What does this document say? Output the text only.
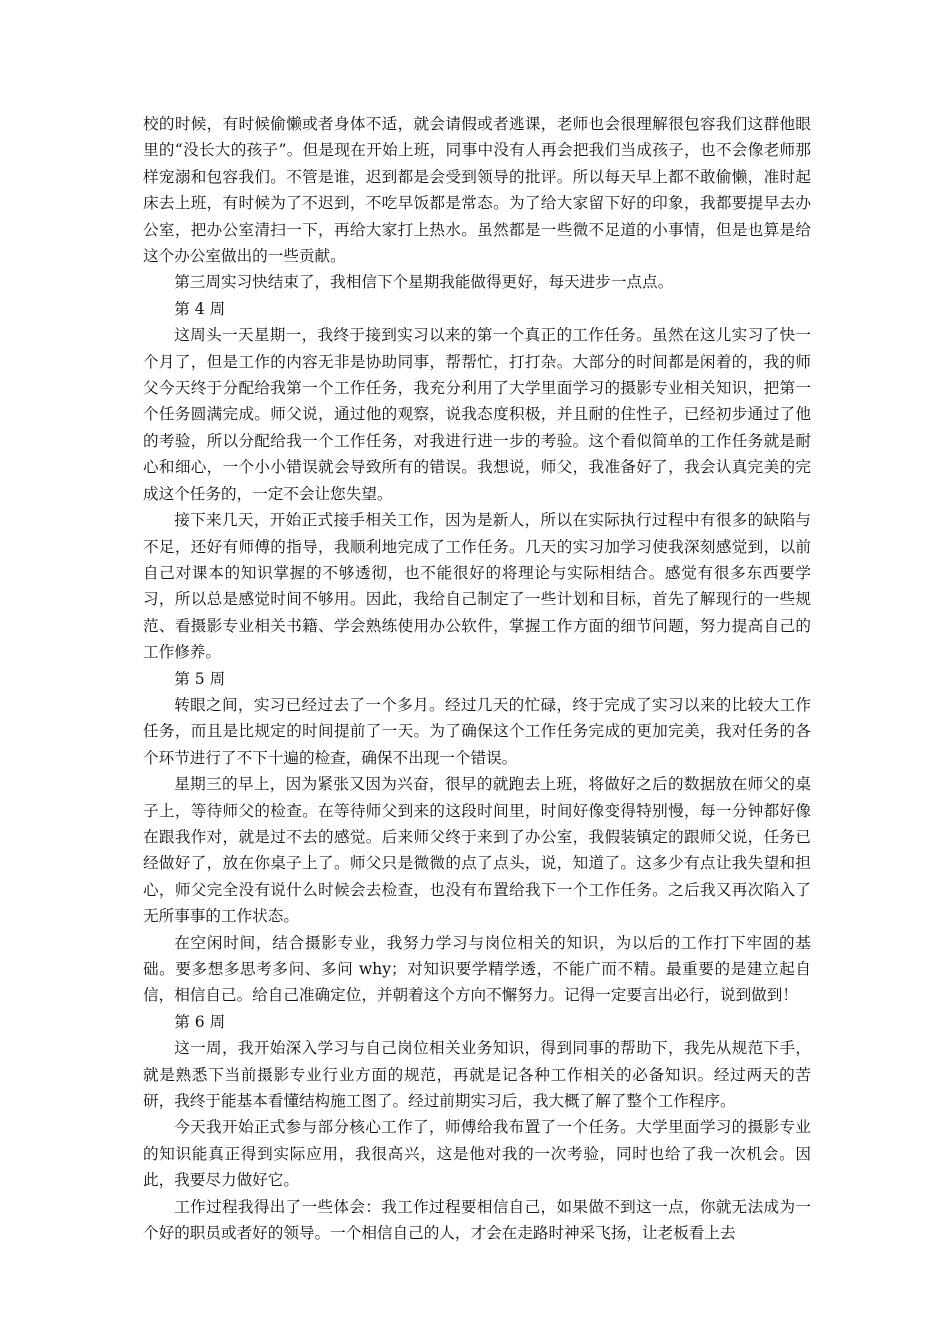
校的时候，有时候偷懒或者身体不适，就会请假或者逃课，老师也会很理解很包容我们这群他眼里的“没长大的孩子”。但是现在开始上班，同事中没有人再会把我们当成孩子，也不会像老师那样宠溺和包容我们。不管是谁，迟到都是会受到领导的批评。所以每天早上都不敢偷懒，准时起床去上班，有时候为了不迟到，不吃早饭都是常态。为了给大家留下好的印象，我都要提早去办公室，把办公室清扫一下，再给大家打上热水。虽然都是一些微不足道的小事情，但是也算是给这个办公室做出的一些贡献。

第三周实习快结束了，我相信下个星期我能做得更好，每天进步一点点。

第 4 周

这周头一天星期一，我终于接到实习以来的第一个真正的工作任务。虽然在这儿实习了快一个月了，但是工作的内容无非是协助同事，帮帮忙，打打杂。大部分的时间都是闲着的，我的师父今天终于分配给我第一个工作任务，我充分利用了大学里面学习的摄影专业相关知识，把第一个任务圆满完成。师父说，通过他的观察，说我态度积极，并且耐的住性子，已经初步通过了他的考验，所以分配给我一个工作任务，对我进行进一步的考验。这个看似简单的工作任务就是耐心和细心，一个小小错误就会导致所有的错误。我想说，师父，我准备好了，我会认真完美的完成这个任务的，一定不会让您失望。

接下来几天，开始正式接手相关工作，因为是新人，所以在实际执行过程中有很多的缺陷与不足，还好有师傅的指导，我顺利地完成了工作任务。几天的实习加学习使我深刻感觉到，以前自己对课本的知识掌握的不够透彻，也不能很好的将理论与实际相结合。感觉有很多东西要学习，所以总是感觉时间不够用。因此，我给自己制定了一些计划和目标，首先了解现行的一些规范、看摄影专业相关书籍、学会熟练使用办公软件，掌握工作方面的细节问题，努力提高自己的工作修养。

第 5 周

转眼之间，实习已经过去了一个多月。经过几天的忙碌，终于完成了实习以来的比较大工作任务，而且是比规定的时间提前了一天。为了确保这个工作任务完成的更加完美，我对任务的各个环节进行了不下十遍的检查，确保不出现一个错误。

星期三的早上，因为紧张又因为兴奋，很早的就跑去上班，将做好之后的数据放在师父的桌子上，等待师父的检查。在等待师父到来的这段时间里，时间好像变得特别慢，每一分钟都好像在跟我作对，就是过不去的感觉。后来师父终于来到了办公室，我假装镇定的跟师父说，任务已经做好了，放在你桌子上了。师父只是微微的点了点头，说，知道了。这多少有点让我失望和担心，师父完全没有说什么时候会去检查，也没有布置给我下一个工作任务。之后我又再次陷入了无所事事的工作状态。

在空闲时间，结合摄影专业，我努力学习与岗位相关的知识，为以后的工作打下牢固的基础。要多想多思考多问、多问 why；对知识要学精学透，不能广而不精。最重要的是建立起自信，相信自己。给自己准确定位，并朝着这个方向不懈努力。记得一定要言出必行，说到做到！

第 6 周

这一周，我开始深入学习与自己岗位相关业务知识，得到同事的帮助下，我先从规范下手，就是熟悉下当前摄影专业行业方面的规范，再就是记各种工作相关的必备知识。经过两天的苦研，我终于能基本看懂结构施工图了。经过前期实习后，我大概了解了整个工作程序。

今天我开始正式参与部分核心工作了，师傅给我布置了一个任务。大学里面学习的摄影专业的知识能真正得到实际应用，我很高兴，这是他对我的一次考验，同时也给了我一次机会。因此，我要尽力做好它。

工作过程我得出了一些体会：我工作过程要相信自己，如果做不到这一点，你就无法成为一个好的职员或者好的领导。一个相信自己的人，才会在走路时神采飞扬，让老板看上去
